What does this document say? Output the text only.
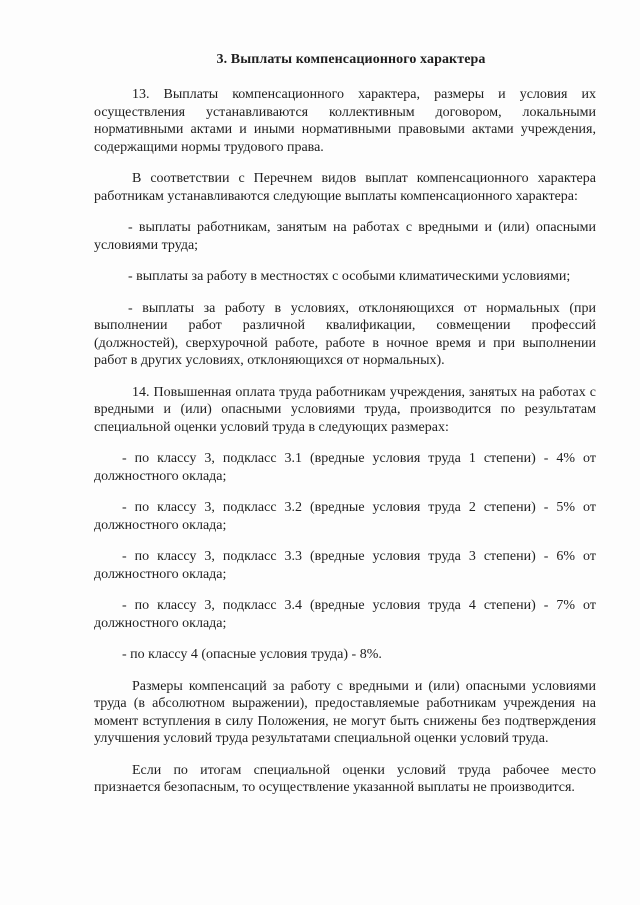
3. Выплаты компенсационного характера

13. Выплаты компенсационного характера, размеры и условия их осуществления устанавливаются коллективным договором, локальными нормативными актами и иными нормативными правовыми актами учреждения, содержащими нормы трудового права.

В соответствии с Перечнем видов выплат компенсационного характера работникам устанавливаются следующие выплаты компенсационного характера:

- выплаты работникам, занятым на работах с вредными и (или) опасными условиями труда;

- выплаты за работу в местностях с особыми климатическими условиями;

- выплаты за работу в условиях, отклоняющихся от нормальных (при выполнении работ различной квалификации, совмещении профессий (должностей), сверхурочной работе, работе в ночное время и при выполнении работ в других условиях, отклоняющихся от нормальных).

14. Повышенная оплата труда работникам учреждения, занятых на работах с вредными и (или) опасными условиями труда, производится по результатам специальной оценки условий труда в следующих размерах:

- по классу 3, подкласс 3.1 (вредные условия труда 1 степени) - 4% от должностного оклада;

- по классу 3, подкласс 3.2 (вредные условия труда 2 степени) - 5% от должностного оклада;

- по классу 3, подкласс 3.3 (вредные условия труда 3 степени) - 6% от должностного оклада;

- по классу 3, подкласс 3.4 (вредные условия труда 4 степени) - 7% от должностного оклада;

- по классу 4 (опасные условия труда) - 8%.

Размеры компенсаций за работу с вредными и (или) опасными условиями труда (в абсолютном выражении), предоставляемые работникам учреждения на момент вступления в силу Положения, не могут быть снижены без подтверждения улучшения условий труда результатами специальной оценки условий труда.

Если по итогам специальной оценки условий труда рабочее место признается безопасным, то осуществление указанной выплаты не производится.
